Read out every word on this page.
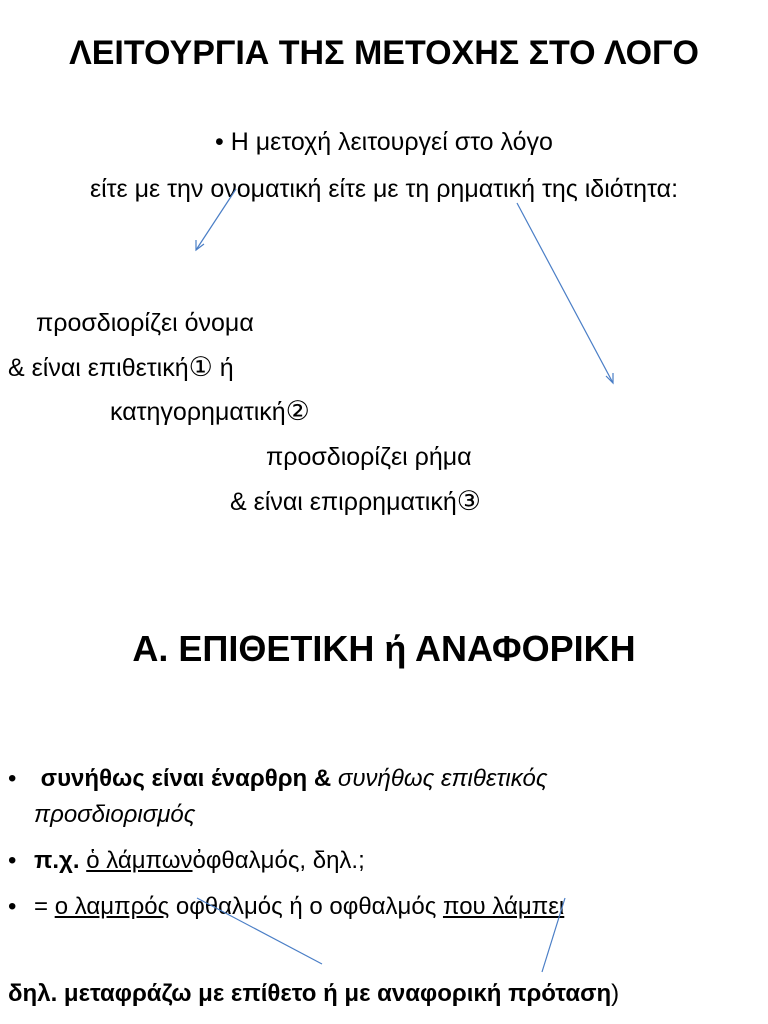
ΛΕΙΤΟΥΡΓΙΑ ΤΗΣ ΜΕΤΟΧΗΣ ΣΤΟ ΛΟΓΟ
• Η μετοχή λειτουργεί στο λόγο
είτε με την ονοματική είτε με τη ρηματική της ιδιότητα:
προσδιορίζει όνομα
& είναι επιθετική① ή
κατηγορηματική②
προσδιορίζει ρήμα
& είναι επιρρηματική③
Α. ΕΠΙΘΕΤΙΚΗ ή ΑΝΑΦΟΡΙΚΗ
• συνήθως είναι έναρθρη & συνήθως επιθετικός
προσδιορισμός
• π.χ. ὁ λάμπωνὀφθαλμός, δηλ.;
• = ο λαμπρός οφθαλμός ή ο οφθαλμός που λάμπει
δηλ. μεταφράζω με επίθετο ή με αναφορική πρόταση)
